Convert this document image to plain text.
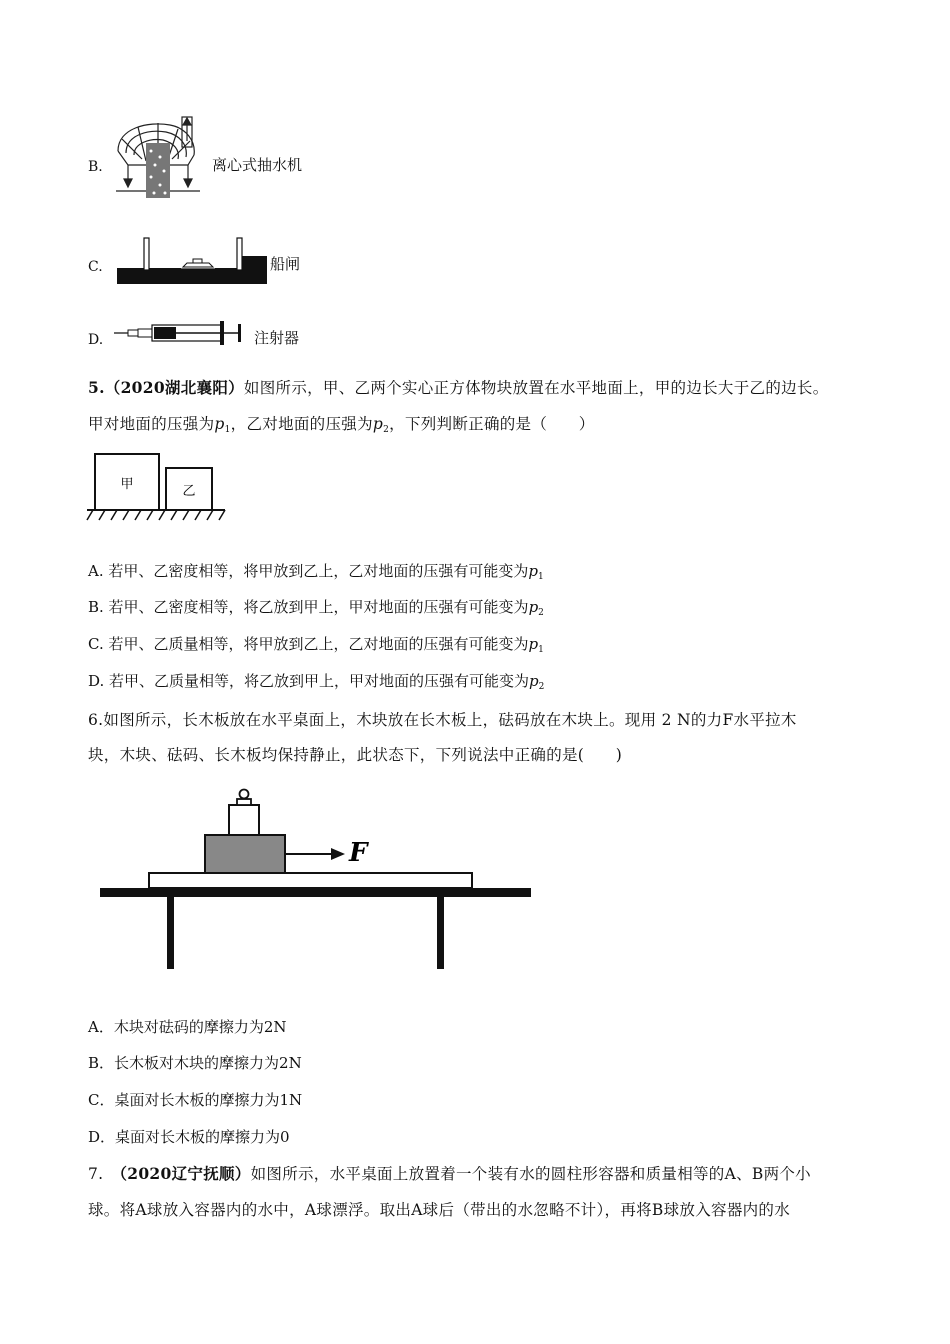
B.	离心式抽水机
C.	船闸
D.	注射器
5.（2020湖北襄阳）如图所示，甲、乙两个实心正方体物块放置在水平地面上，甲的边长大于乙的边长。
甲对地面的压强为$p_1$，乙对地面的压强为$p_2$，下列判断正确的是（　　）
甲	乙
A. 若甲、乙密度相等，将甲放到乙上，乙对地面的压强有可能变为$p_1$
B. 若甲、乙密度相等，将乙放到甲上，甲对地面的压强有可能变为$p_2$
C. 若甲、乙质量相等，将甲放到乙上，乙对地面的压强有可能变为$p_1$
D. 若甲、乙质量相等，将乙放到甲上，甲对地面的压强有可能变为$p_2$
6.如图所示，长木板放在水平桌面上，木块放在长木板上，砝码放在木块上。现用 2 N的力F水平拉木
块，木块、砝码、长木板均保持静止，此状态下，下列说法中正确的是(　　)
F
A．木块对砝码的摩擦力为2N
B．长木板对木块的摩擦力为2N
C．桌面对长木板的摩擦力为1N
D．桌面对长木板的摩擦力为0
7.　（2020辽宁抚顺）如图所示，水平桌面上放置着一个装有水的圆柱形容器和质量相等的A、B两个小
球。将A球放入容器内的水中，A球漂浮。取出A球后（带出的水忽略不计），再将B球放入容器内的水
